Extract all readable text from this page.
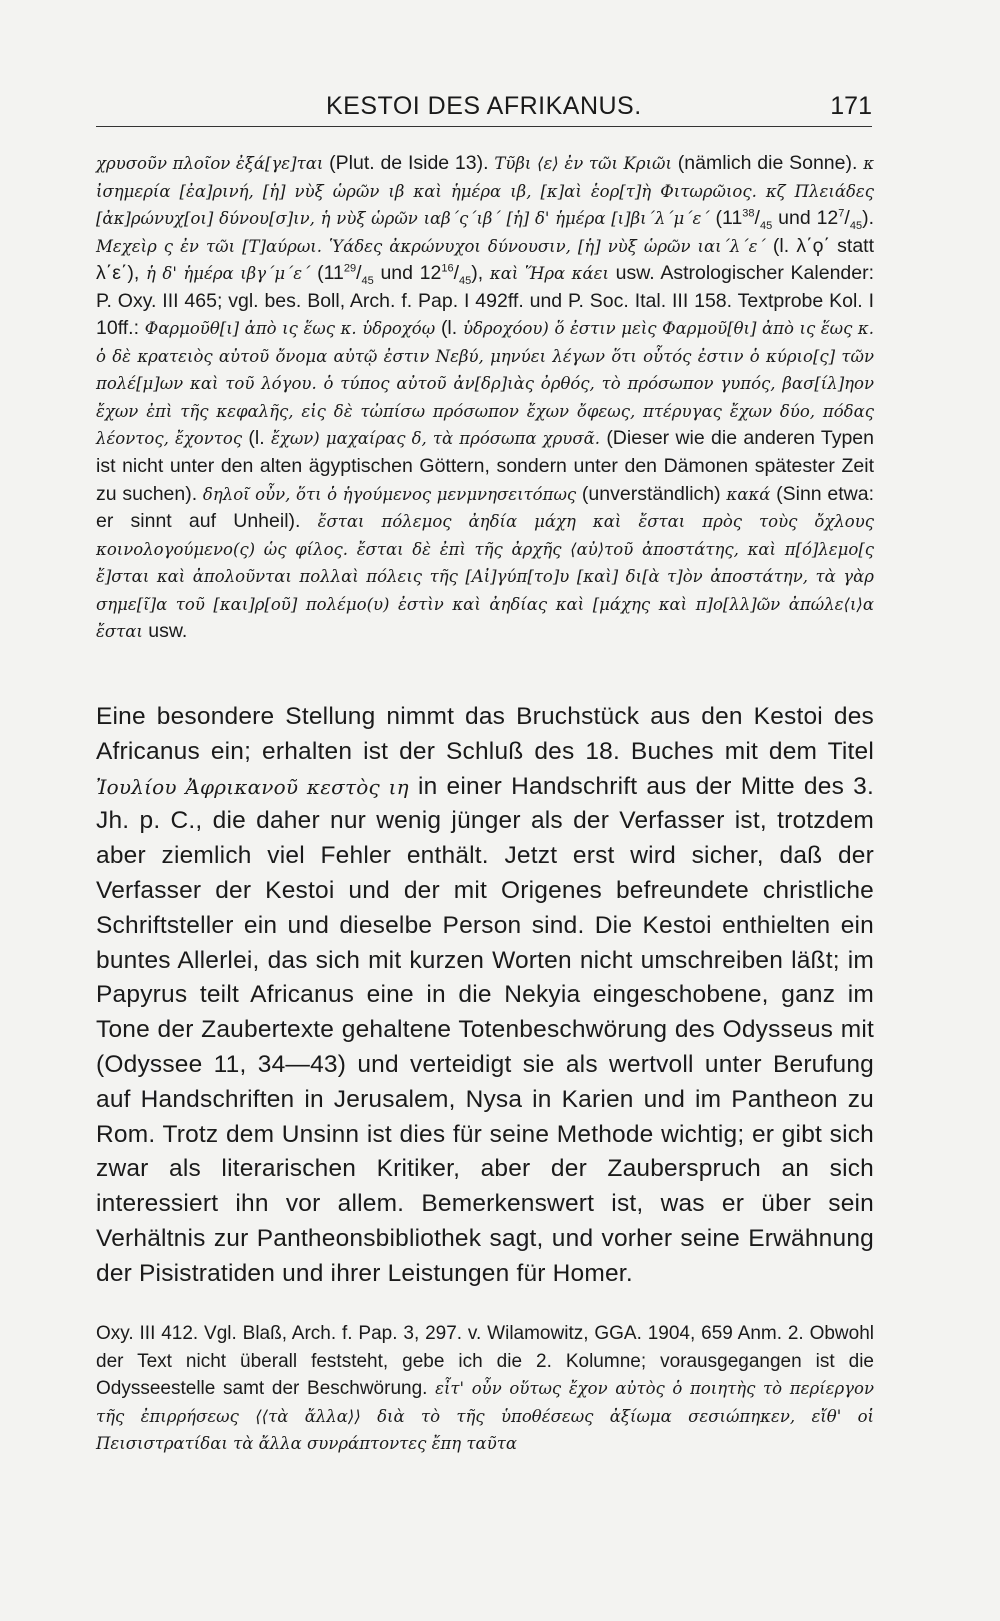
KESTOI DES AFRIKANUS.	171

χρυσοῦν πλοῖον ἐξά[γε]ται (Plut. de Iside 13). Τῦβι ⟨ε⟩ ἐν τῶι Κριῶι (nämlich die Sonne). κ ἰσημερία [ἐα]ρινή, [ἡ] νὺξ ὡρῶν ιβ καὶ ἡμέρα ιβ, [κ]αὶ ἑορ[τ]ὴ Φιτωρῶιος. κζ Πλειάδες [ἀκ]ρώνυχ[οι] δύνου[σ]ιν, ἡ νὺξ ὡρῶν ιαβ΄ς΄ιβ΄ [ἡ] δ' ἡμέρα [ι]βι΄λ΄μ΄ε΄ ($11^{38}/_{45}$ und $12^7/_{45}$). Μεχεὶρ ς ἐν τῶι [Τ]αύρωι. Ὑάδες ἀκρώνυχοι δύνουσιν, [ἡ] νὺξ ὡρῶν ιαι΄λ΄ε΄ (l. λ΄ϙ΄ statt λ΄ε΄), ἡ δ' ἡμέρα ιβγ΄μ΄ε΄ ($11^{29}/_{45}$ und $12^{16}/_{45}$), καὶ Ἥρα κάει usw. Astrologischer Kalender: P. Oxy. III 465; vgl. bes. Boll, Arch. f. Pap. I 492ff. und P. Soc. Ital. III 158. Textprobe Kol. I 10ff.: Φαρμοῦθ[ι] ἀπὸ ις ἕως κ. ὑδροχόῳ (l. ὑδροχόου) ὅ ἐστιν μεὶς Φαρμοῦ[θι] ἀπὸ ις ἕως κ. ὁ δὲ κρατειὸς αὐτοῦ ὄνομα αὐτῷ ἐστιν Νεβύ, μηνύει λέγων ὅτι οὗτός ἐστιν ὁ κύριο[ς] τῶν πολέ[μ]ων καὶ τοῦ λόγου. ὁ τύπος αὐτοῦ ἀν[δρ]ιὰς ὀρθός, τὸ πρόσωπον γυπός, βασ[ίλ]ηον ἔχων ἐπὶ τῆς κεφαλῆς, εἰς δὲ τὠπίσω πρόσωπον ἔχων ὄφεως, πτέρυγας ἔχων δύο, πόδας λέοντος, ἔχοντος (l. ἔχων) μαχαίρας δ, τὰ πρόσωπα χρυσᾶ. (Dieser wie die anderen Typen ist nicht unter den alten ägyptischen Göttern, sondern unter den Dämonen spätester Zeit zu suchen). δηλοῖ οὖν, ὅτι ὁ ἡγούμενος μενμνησειτόπως (unverständlich) κακά (Sinn etwa: er sinnt auf Unheil). ἔσται πόλεμος ἀηδία μάχη καὶ ἔσται πρὸς τοὺς ὄχλους κοινολογούμενο(ς) ὡς φίλος. ἔσται δὲ ἐπὶ τῆς ἀρχῆς ⟨αὐ⟩τοῦ ἀποστάτης, καὶ π[ό]λεμο[ς ἔ]σται καὶ ἀπολοῦνται πολλαὶ πόλεις τῆς [Αἰ]γύπ[το]υ [καὶ] δι[ὰ τ]ὸν ἀποστάτην, τὰ γὰρ σημε[ῖ]α τοῦ [και]ρ[οῦ] πολέμο(υ) ἐστὶν καὶ ἀηδίας καὶ [μάχης καὶ π]ο[λλ]ῶν ἀπώλε⟨ι⟩α ἔσται usw.

Eine besondere Stellung nimmt das Bruchstück aus den Kestoi des Africanus ein; erhalten ist der Schluß des 18. Buches mit dem Titel Ἰουλίου Ἀφρικανοῦ κεστὸς ιη in einer Handschrift aus der Mitte des 3. Jh. p. C., die daher nur wenig jünger als der Verfasser ist, trotzdem aber ziemlich viel Fehler enthält. Jetzt erst wird sicher, daß der Verfasser der Kestoi und der mit Origenes befreundete christliche Schriftsteller ein und dieselbe Person sind. Die Kestoi enthielten ein buntes Allerlei, das sich mit kurzen Worten nicht umschreiben läßt; im Papyrus teilt Africanus eine in die Nekyia eingeschobene, ganz im Tone der Zaubertexte gehaltene Totenbeschwörung des Odysseus mit (Odyssee 11, 34—43) und verteidigt sie als wertvoll unter Berufung auf Handschriften in Jerusalem, Nysa in Karien und im Pantheon zu Rom. Trotz dem Unsinn ist dies für seine Methode wichtig; er gibt sich zwar als literarischen Kritiker, aber der Zauberspruch an sich interessiert ihn vor allem. Bemerkenswert ist, was er über sein Verhältnis zur Pantheonsbibliothek sagt, und vorher seine Erwähnung der Pisistratiden und ihrer Leistungen für Homer.

Oxy. III 412. Vgl. Blaß, Arch. f. Pap. 3, 297. v. Wilamowitz, GGA. 1904, 659 Anm. 2. Obwohl der Text nicht überall feststeht, gebe ich die 2. Kolumne; vorausgegangen ist die Odysseestelle samt der Beschwörung. εἶτ' οὖν οὕτως ἔχον αὐτὸς ὁ ποιητὴς τὸ περίεργον τῆς ἐπιρρήσεως ⟨⟨τὰ ἄλλα⟩⟩ διὰ τὸ τῆς ὑποθέσεως ἀξίωμα σεσιώπηκεν, εἴθ' οἱ Πεισιστρατίδαι τὰ ἄλλα συνράπτοντες ἔπη ταῦτα
